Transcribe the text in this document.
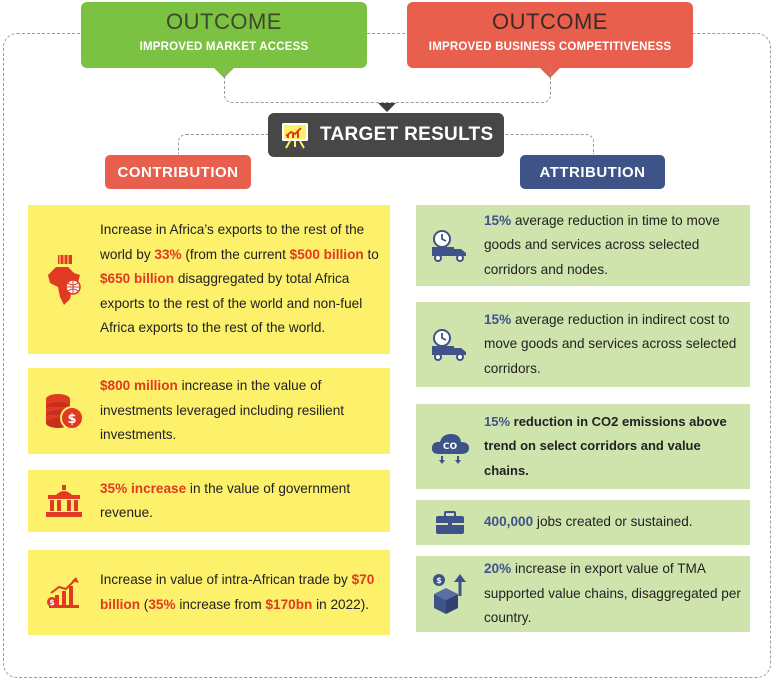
OUTCOME
IMPROVED MARKET ACCESS
OUTCOME
IMPROVED BUSINESS COMPETITIVENESS
TARGET RESULTS
CONTRIBUTION	ATTRIBUTION
Increase in Africa’s exports to the rest of the world by 33% (from the current $500 billion to $650 billion disaggregated by total Africa exports to the rest of the world and non-fuel Africa exports to the rest of the world.
$
$800 million increase in the value of investments leveraged including resilient investments.
35% increase in the value of government revenue.
$
Increase in value of intra-African trade by $70 billion (35% increase from $170bn in 2022).
15% average reduction in time to move goods and services across selected corridors and nodes.
15% average reduction in indirect cost to move goods and services across selected corridors.
CO
15% reduction in CO2 emissions above trend on select corridors and value chains.
400,000 jobs created or sustained.
$
20% increase in export value of TMA supported value chains, disaggregated per country.
